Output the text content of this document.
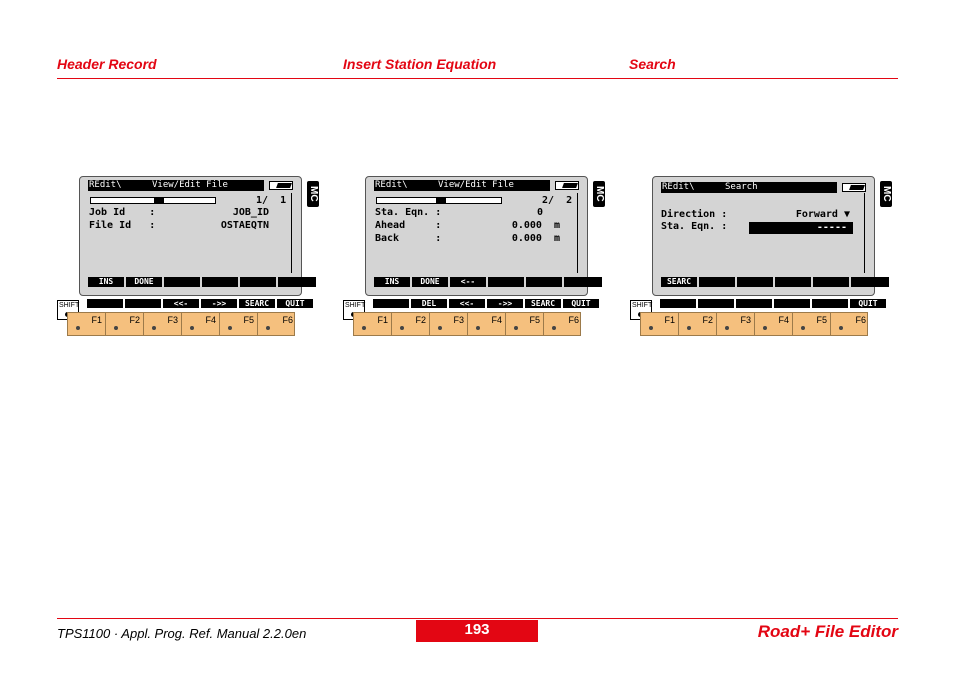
Header Record	Insert Station Equation	Search

REdit\

	View/Edit File

MC
1/  1
Job Id    :	JOB_ID
File Id   :	OSTAEQTN
INS	DONE
SHIFT	<<-	->>	SEARC	QUIT
F1	F2	F3	F4	F5	F6

REdit\

	View/Edit File

MC
2/  2
Sta. Eqn. :	0
Ahead     :	0.000  m
Back      :	0.000  m
INS	DONE	<--
SHIFT	DEL	<<-	->>	SEARC	QUIT
F1	F2	F3	F4	F5	F6

REdit\

	Search

	MC
Direction :	Forward ▼
Sta. Eqn. :	-----
SEARC
SHIFT	QUIT
F1	F2	F3	F4	F5	F6
TPS1100 · Appl. Prog. Ref. Manual 2.2.0en	193	Road+ File Editor
